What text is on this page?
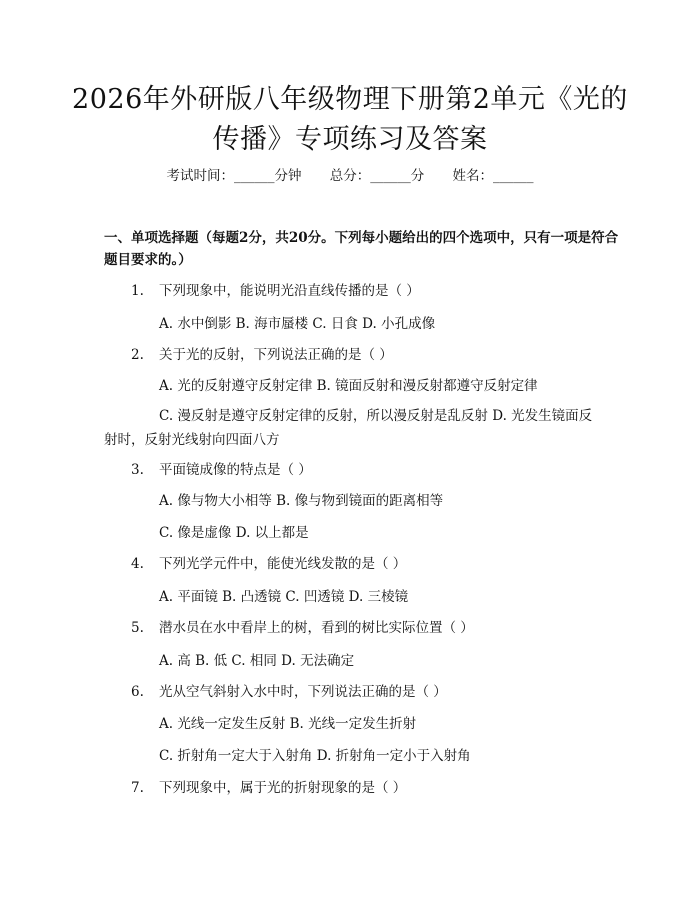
2026年外研版八年级物理下册第2单元《光的传播》专项练习及答案
考试时间：______分钟 总分：______分 姓名：______
一、单项选择题（每题2分，共20分。下列每小题给出的四个选项中，只有一项是符合题目要求的。）
1. 下列现象中，能说明光沿直线传播的是（ ）
A. 水中倒影 B. 海市蜃楼 C. 日食 D. 小孔成像
2. 关于光的反射，下列说法正确的是（ ）
A. 光的反射遵守反射定律 B. 镜面反射和漫反射都遵守反射定律
C. 漫反射是遵守反射定律的反射，所以漫反射是乱反射 D. 光发生镜面反射时，反射光线射向四面八方
3. 平面镜成像的特点是（ ）
A. 像与物大小相等 B. 像与物到镜面的距离相等
C. 像是虚像 D. 以上都是
4. 下列光学元件中，能使光线发散的是（ ）
A. 平面镜 B. 凸透镜 C. 凹透镜 D. 三棱镜
5. 潜水员在水中看岸上的树，看到的树比实际位置（ ）
A. 高 B. 低 C. 相同 D. 无法确定
6. 光从空气斜射入水中时，下列说法正确的是（ ）
A. 光线一定发生反射 B. 光线一定发生折射
C. 折射角一定大于入射角 D. 折射角一定小于入射角
7. 下列现象中，属于光的折射现象的是（ ）
